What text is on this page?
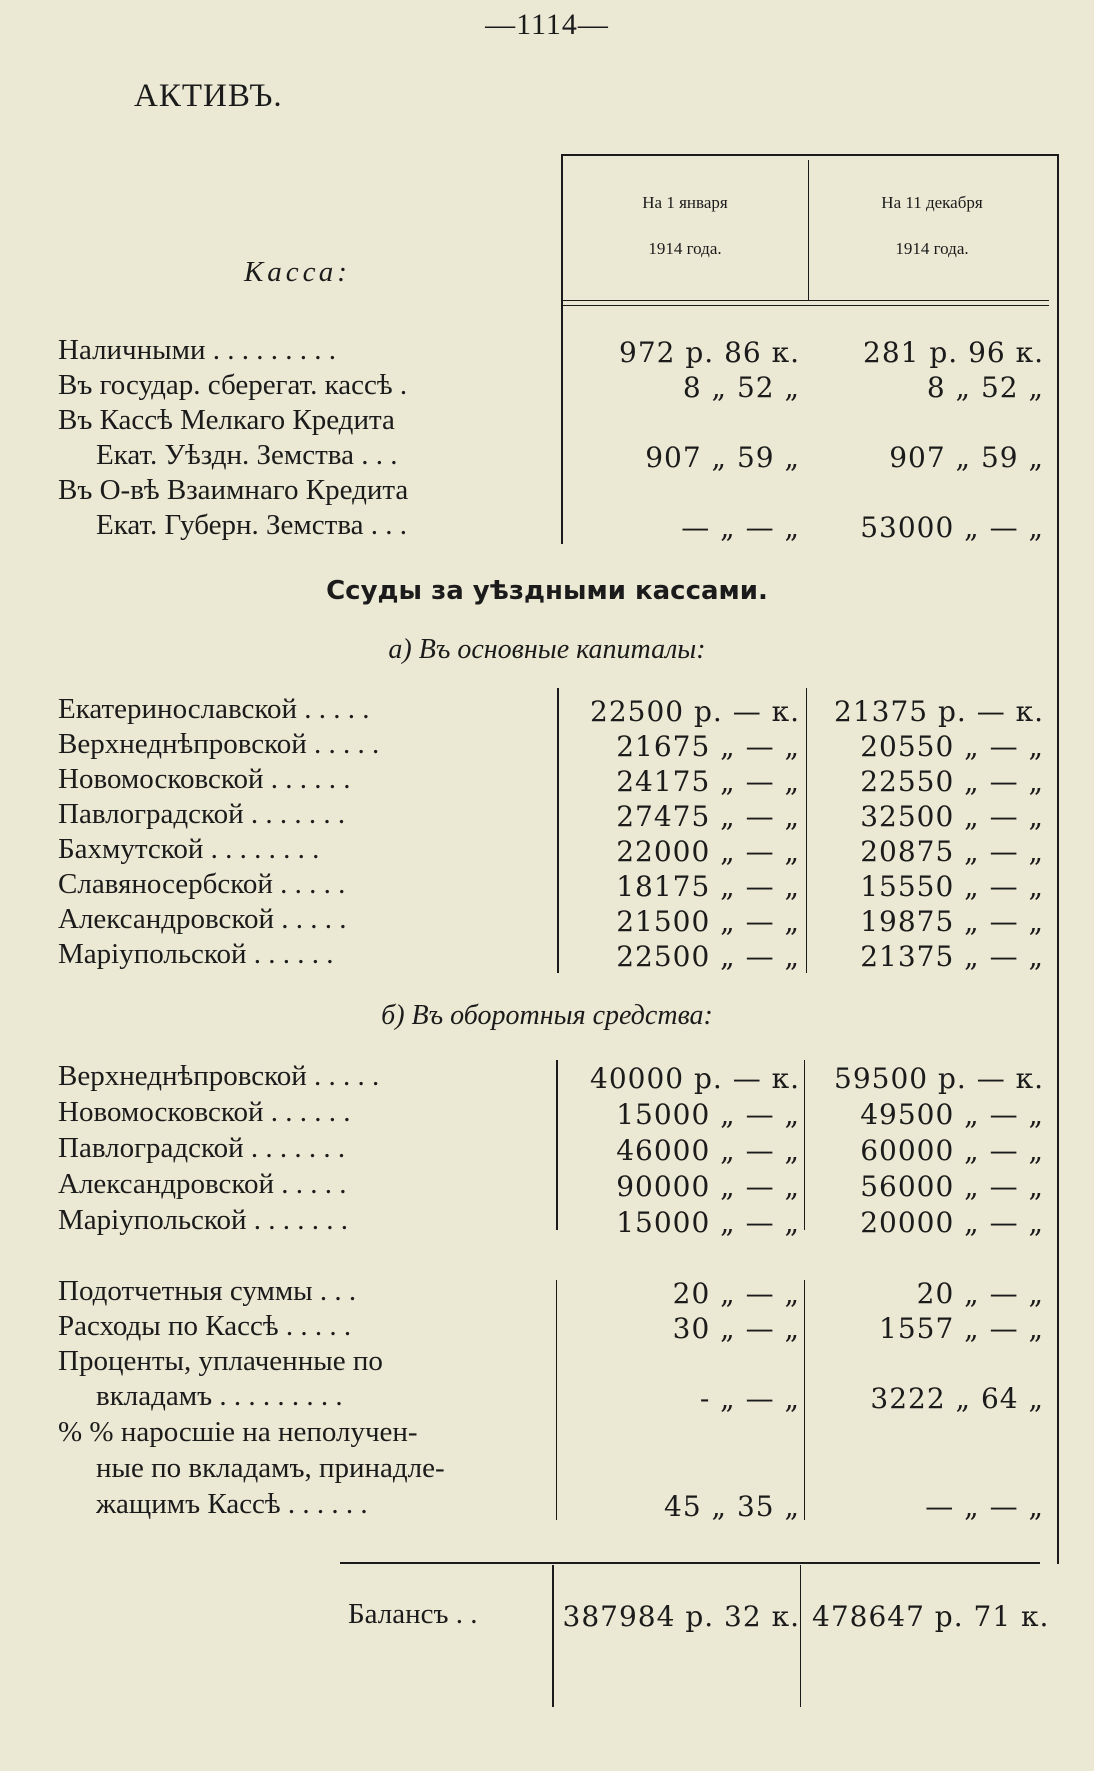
—1114—
АКТИВЪ.
На 1 января
1914 года.
На 11 декабря
1914 года.
Касса:
Наличными . . . . . . . . .	972 р. 86 к.	281 р. 96 к.
Въ государ. сберегат. кассѣ .	8 „ 52 „	8 „ 52 „
Въ Кассѣ Мелкаго Кредита
Екат. Уѣздн. Земства . . .	907 „ 59 „	907 „ 59 „
Въ О-вѣ Взаимнаго Кредита
Екат. Губерн. Земства . . .	— „ — „	53000 „ — „
Ссуды за уѣздными кассами.
а) Въ основные капиталы:
Екатеринославской . . . . .	22500 р. — к.	21375 р. — к.
Верхнеднѣпровской . . . . .	21675 „ — „	20550 „ — „
Новомосковской . . . . . .	24175 „ — „	22550 „ — „
Павлоградской . . . . . . .	27475 „ — „	32500 „ — „
Бахмутской . . . . . . . .	22000 „ — „	20875 „ — „
Славяносербской . . . . .	18175 „ — „	15550 „ — „
Александровской . . . . .	21500 „ — „	19875 „ — „
Маріупольской . . . . . .	22500 „ — „	21375 „ — „
б) Въ оборотныя средства:
Верхнеднѣпровской . . . . .	40000 р. — к.	59500 р. — к.
Новомосковской . . . . . .	15000 „ — „	49500 „ — „
Павлоградской . . . . . . .	46000 „ — „	60000 „ — „
Александровской . . . . .	90000 „ — „	56000 „ — „
Маріупольской . . . . . . .	15000 „ — „	20000 „ — „
Подотчетныя суммы . . .	20 „ — „	20 „ — „
Расходы по Кассѣ . . . . .	30 „ — „	1557 „ — „
Проценты, уплаченные по
вкладамъ . . . . . . . . .	- „ — „	3222 „ 64 „
% % наросшіе на неполучен-
ные по вкладамъ, принадле-
жащимъ Кассѣ . . . . . .	45 „ 35 „	— „ — „
Балансъ . .	387984 р. 32 к. 478647 р. 71 к.
